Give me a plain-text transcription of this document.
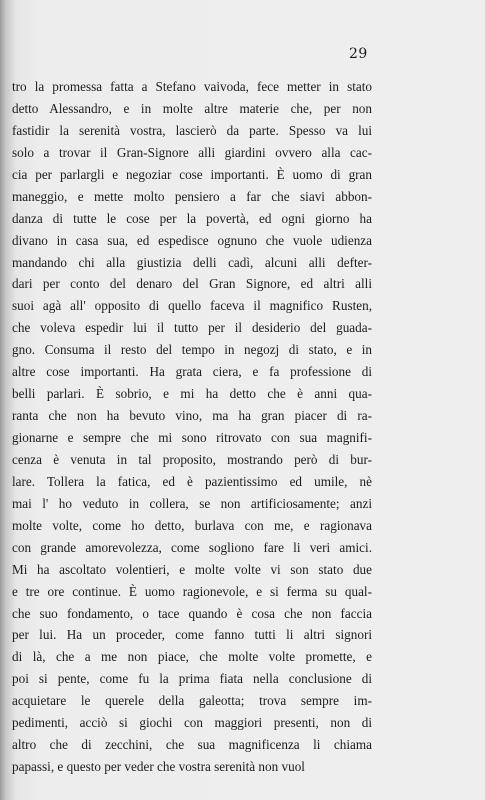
29
tro la promessa fatta a Stefano vaivoda, fece metter in stato
detto Alessandro, e in molte altre materie che, per non
fastidir la serenità vostra, lascierò da parte. Spesso va lui
solo a trovar il Gran-Signore alli giardini ovvero alla cac-
cia per parlargli e negoziar cose importanti. È uomo di gran
maneggio, e mette molto pensiero a far che siavi abbon-
danza di tutte le cose per la povertà, ed ogni giorno ha
divano in casa sua, ed espedisce ognuno che vuole udienza
mandando chi alla giustizia delli cadì, alcuni alli defter-
dari per conto del denaro del Gran Signore, ed altri alli
suoi agà all' opposito di quello faceva il magnifico Rusten,
che voleva espedir lui il tutto per il desiderio del guada-
gno. Consuma il resto del tempo in negozj di stato, e in
altre cose importanti. Ha grata ciera, e fa professione di
belli parlari. È sobrio, e mi ha detto che è anni qua-
ranta che non ha bevuto vino, ma ha gran piacer di ra-
gionarne e sempre che mi sono ritrovato con sua magnifi-
cenza è venuta in tal proposito, mostrando però di bur-
lare. Tollera la fatica, ed è pazientissimo ed umile, nè
mai l' ho veduto in collera, se non artificiosamente; anzi
molte volte, come ho detto, burlava con me, e ragionava
con grande amorevolezza, come sogliono fare li veri amici.
Mi ha ascoltato volentieri, e molte volte vi son stato due
e tre ore continue. È uomo ragionevole, e si ferma su qual-
che suo fondamento, o tace quando è cosa che non faccia
per lui. Ha un proceder, come fanno tutti li altri signori
di là, che a me non piace, che molte volte promette, e
poi si pente, come fu la prima fiata nella conclusione di
acquietare le querele della galeotta; trova sempre im-
pedimenti, acciò si giochi con maggiori presenti, non di
altro che di zecchini, che sua magnificenza li chiama
papassi, e questo per veder che vostra serenità non vuol
